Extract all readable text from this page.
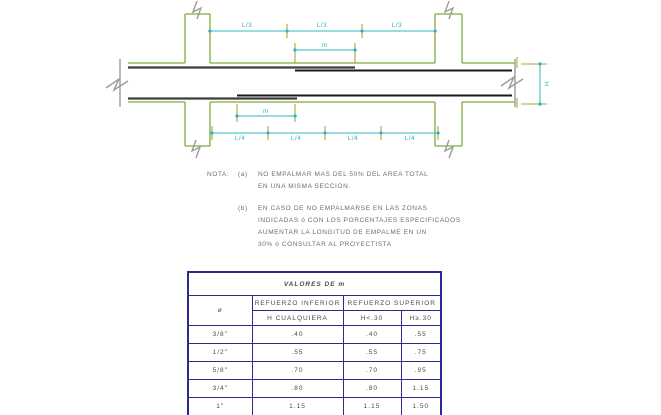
L/3	L/3	L/3
m
m
L/4	L/4	L/4	L/4
H
NOTA: (a) NO EMPALMAR MAS DEL 50% DEL AREA TOTAL
EN UNA MISMA SECCION.
(b) EN CASO DE NO EMPALMARSE EN LAS ZONAS
INDICADAS ó CON LOS PORCENTAJES ESPECIFICADOS
AUMENTAR LA LONGITUD DE EMPALME EN UN
30% ó CONSULTAR AL PROYECTISTA
VALORES DE m			
ø	REFUERZO INFERIOR	REFUERZO SUPERIOR	
	H CUALQUIERA	H<.30	H≥.30
3/8"	.40	.40	.55
1/2"	.55	.55	.75
5/8"	.70	.70	.95
3/4"	.80	.80	1.15
1"	1.15	1.15	1.50
